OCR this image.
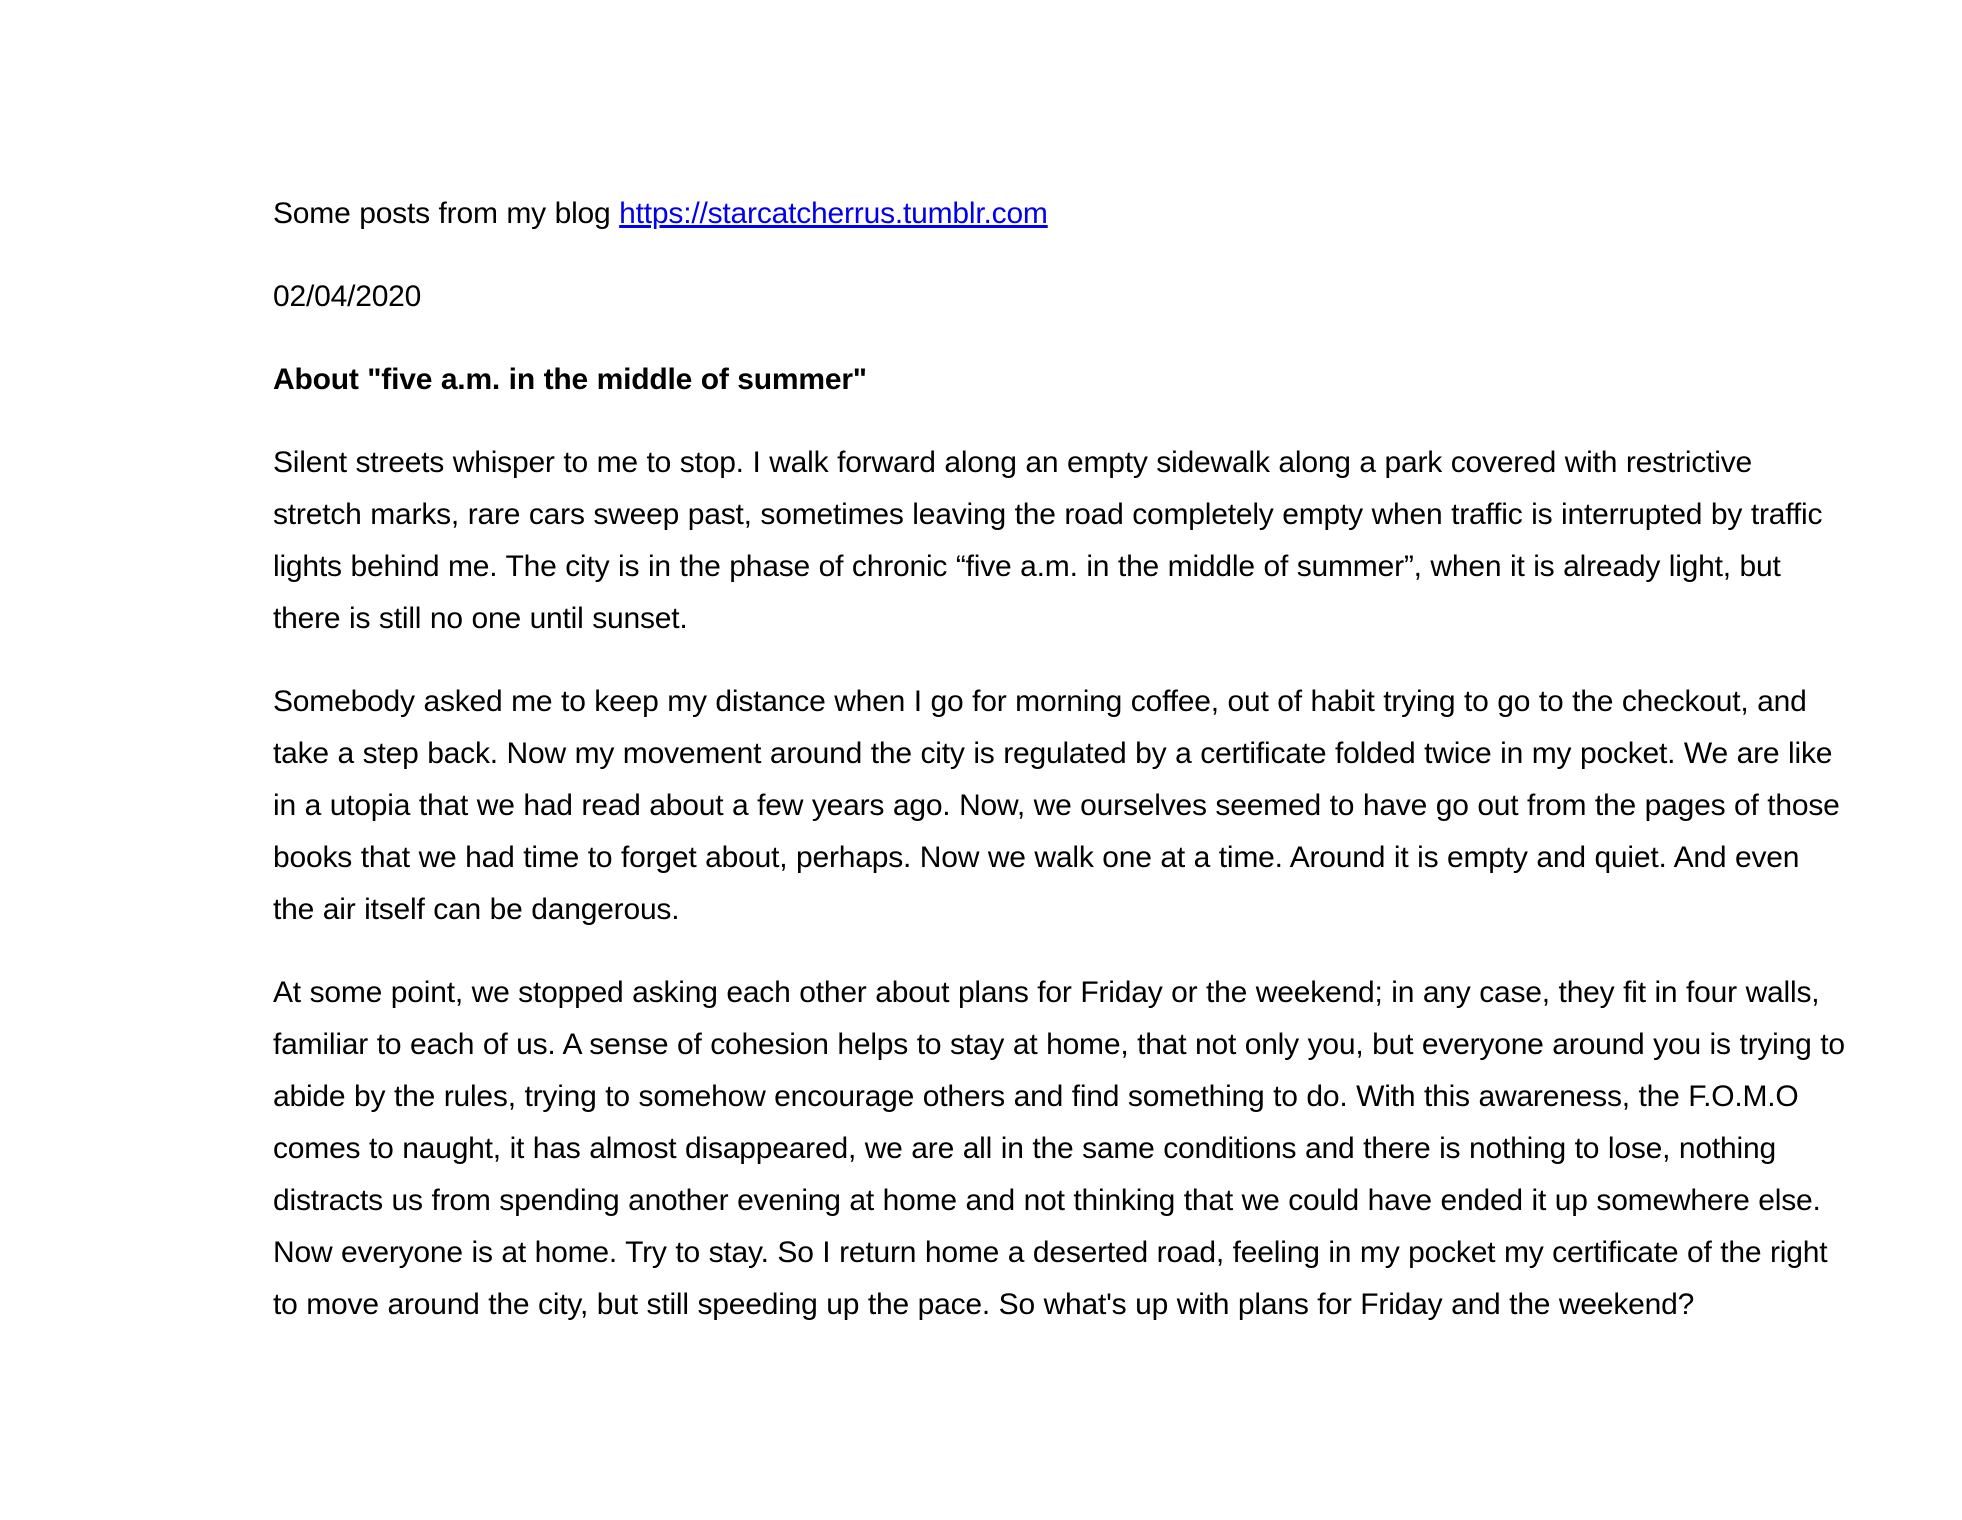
Some posts from my blog https://starcatcherrus.tumblr.com

02/04/2020

About "five a.m. in the middle of summer"

Silent streets whisper to me to stop. I walk forward along an empty sidewalk along a park covered with restrictive stretch marks, rare cars sweep past, sometimes leaving the road completely empty when traffic is interrupted by traffic lights behind me. The city is in the phase of chronic “five a.m. in the middle of summer”, when it is already light, but there is still no one until sunset.

Somebody asked me to keep my distance when I go for morning coffee, out of habit trying to go to the checkout, and take a step back. Now my movement around the city is regulated by a certificate folded twice in my pocket. We are like in a utopia that we had read about a few years ago. Now, we ourselves seemed to have go out from the pages of those books that we had time to forget about, perhaps. Now we walk one at a time. Around it is empty and quiet. And even the air itself can be dangerous.

At some point, we stopped asking each other about plans for Friday or the weekend; in any case, they fit in four walls, familiar to each of us. A sense of cohesion helps to stay at home, that not only you, but everyone around you is trying to abide by the rules, trying to somehow encourage others and find something to do. With this awareness, the F.O.M.O comes to naught, it has almost disappeared, we are all in the same conditions and there is nothing to lose, nothing distracts us from spending another evening at home and not thinking that we could have ended it up somewhere else. Now everyone is at home. Try to stay. So I return home a deserted road, feeling in my pocket my certificate of the right to move around the city, but still speeding up the pace. So what's up with plans for Friday and the weekend?
